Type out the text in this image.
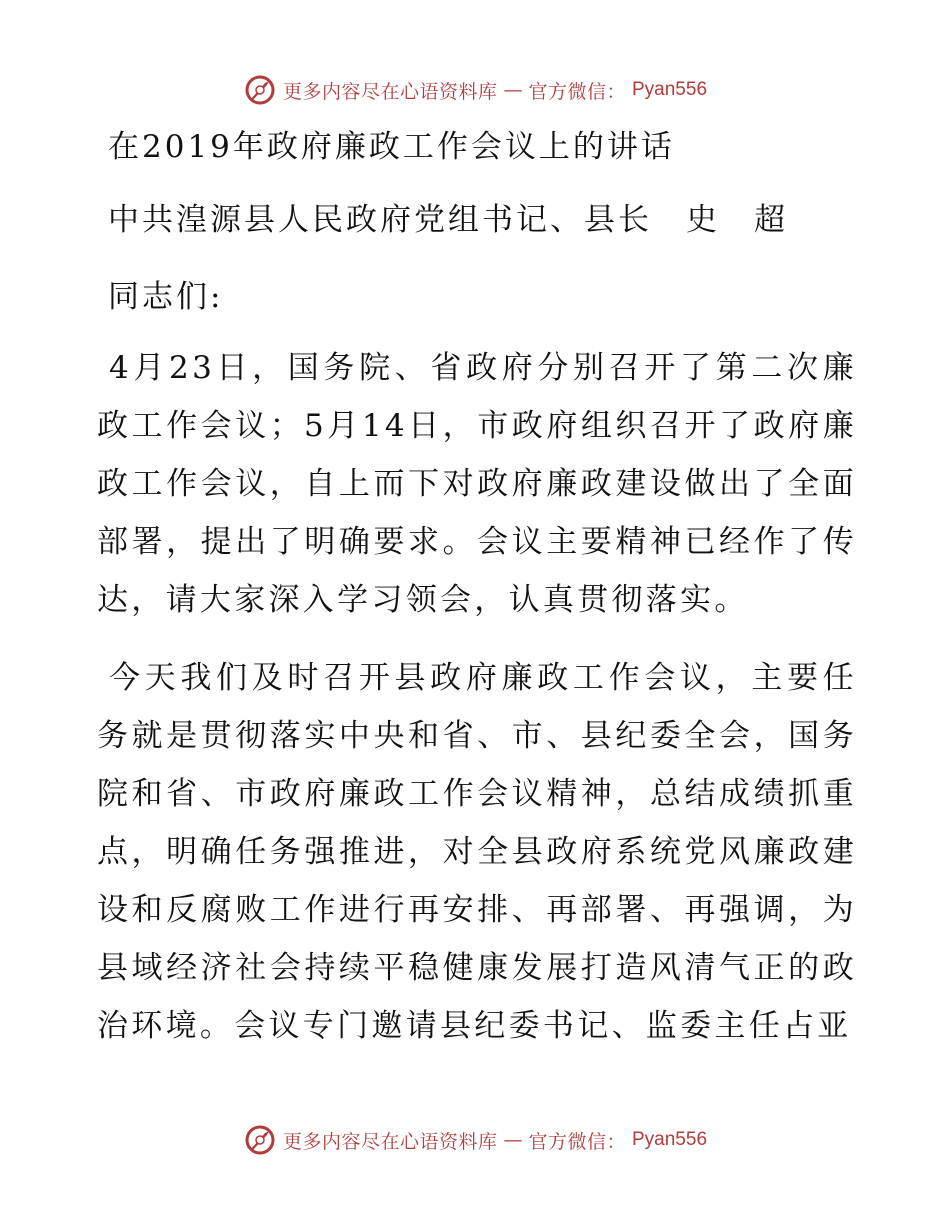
更多内容尽在心语资料库 — 官方微信： Pyan556
在2019年政府廉政工作会议上的讲话
中共湟源县人民政府党组书记、县长　史　超
同志们:
4月23日，国务院、省政府分别召开了第二次廉政工作会议；5月14日，市政府组织召开了政府廉政工作会议，自上而下对政府廉政建设做出了全面部署，提出了明确要求。会议主要精神已经作了传达，请大家深入学习领会，认真贯彻落实。
今天我们及时召开县政府廉政工作会议，主要任务就是贯彻落实中央和省、市、县纪委全会，国务院和省、市政府廉政工作会议精神，总结成绩抓重点，明确任务强推进，对全县政府系统党风廉政建设和反腐败工作进行再安排、再部署、再强调，为县域经济社会持续平稳健康发展打造风清气正的政治环境。会议专门邀请县纪委书记、监委主任占亚
更多内容尽在心语资料库 — 官方微信： Pyan556
